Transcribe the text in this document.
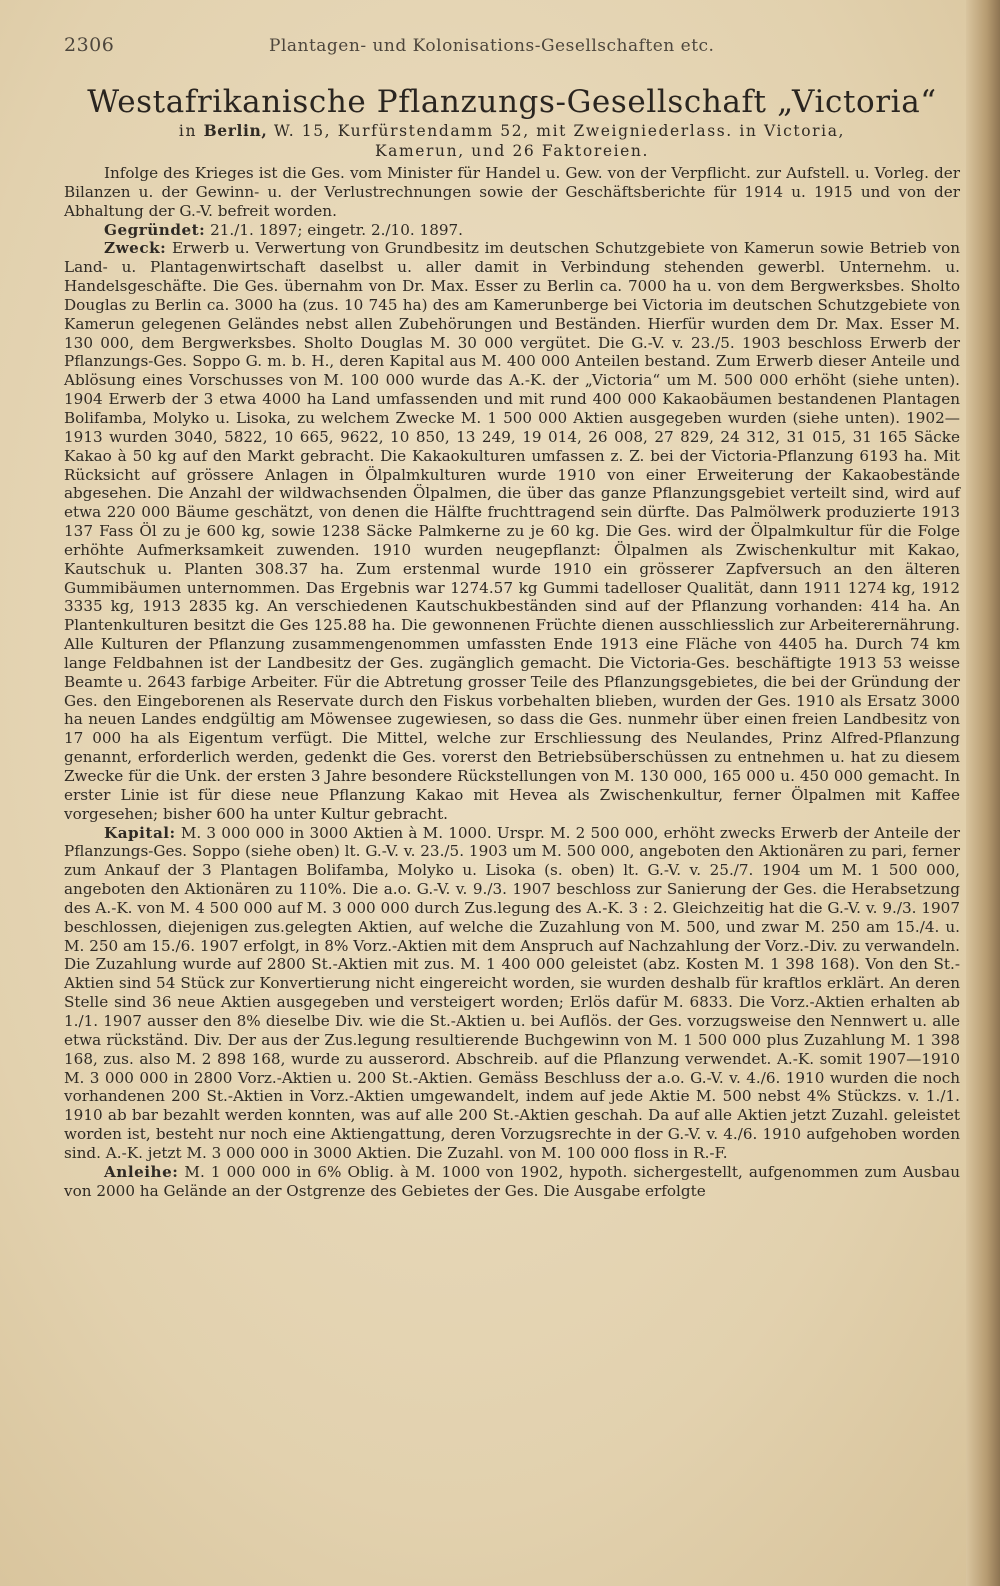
2306	Plantagen- und Kolonisations-Gesellschaften etc.
Westafrikanische Pflanzungs-Gesellschaft „Victoria“
in Berlin, W. 15, Kurfürstendamm 52, mit Zweigniederlass. in Victoria,
Kamerun, und 26 Faktoreien.

Infolge des Krieges ist die Ges. vom Minister für Handel u. Gew. von der Verpflicht. zur Aufstell. u. Vorleg. der Bilanzen u. der Gewinn- u. der Verlustrechnungen sowie der Geschäftsberichte für 1914 u. 1915 und von der Abhaltung der G.-V. befreit worden.

Gegründet: 21./1. 1897; eingetr. 2./10. 1897.

Zweck: Erwerb u. Verwertung von Grundbesitz im deutschen Schutzgebiete von Kamerun sowie Betrieb von Land- u. Plantagenwirtschaft daselbst u. aller damit in Verbindung stehenden gewerbl. Unternehm. u. Handelsgeschäfte. Die Ges. übernahm von Dr. Max. Esser zu Berlin ca. 7000 ha u. von dem Bergwerksbes. Sholto Douglas zu Berlin ca. 3000 ha (zus. 10 745 ha) des am Kamerunberge bei Victoria im deutschen Schutzgebiete von Kamerun gelegenen Geländes nebst allen Zubehörungen und Beständen. Hierfür wurden dem Dr. Max. Esser M. 130 000, dem Bergwerksbes. Sholto Douglas M. 30 000 vergütet. Die G.-V. v. 23./5. 1903 beschloss Erwerb der Pflanzungs-Ges. Soppo G. m. b. H., deren Kapital aus M. 400 000 Anteilen bestand. Zum Erwerb dieser Anteile und Ablösung eines Vorschusses von M. 100 000 wurde das A.-K. der „Victoria“ um M. 500 000 erhöht (siehe unten). 1904 Erwerb der 3 etwa 4000 ha Land umfassenden und mit rund 400 000 Kakaobäumen bestandenen Plantagen Bolifamba, Molyko u. Lisoka, zu welchem Zwecke M. 1 500 000 Aktien ausgegeben wurden (siehe unten). 1902—1913 wurden 3040, 5822, 10 665, 9622, 10 850, 13 249, 19 014, 26 008, 27 829, 24 312, 31 015, 31 165 Säcke Kakao à 50 kg auf den Markt gebracht. Die Kakaokulturen umfassen z. Z. bei der Victoria-Pflanzung 6193 ha. Mit Rücksicht auf grössere Anlagen in Ölpalmkulturen wurde 1910 von einer Erweiterung der Kakaobestände abgesehen. Die Anzahl der wildwachsenden Ölpalmen, die über das ganze Pflanzungsgebiet verteilt sind, wird auf etwa 220 000 Bäume geschätzt, von denen die Hälfte fruchttragend sein dürfte. Das Palmölwerk produzierte 1913 137 Fass Öl zu je 600 kg, sowie 1238 Säcke Palmkerne zu je 60 kg. Die Ges. wird der Ölpalmkultur für die Folge erhöhte Aufmerksamkeit zuwenden. 1910 wurden neugepflanzt: Ölpalmen als Zwischenkultur mit Kakao, Kautschuk u. Planten 308.37 ha. Zum erstenmal wurde 1910 ein grösserer Zapfversuch an den älteren Gummibäumen unternommen. Das Ergebnis war 1274.57 kg Gummi tadelloser Qualität, dann 1911 1274 kg, 1912 3335 kg, 1913 2835 kg. An verschiedenen Kautschukbeständen sind auf der Pflanzung vorhanden: 414 ha. An Plantenkulturen besitzt die Ges 125.88 ha. Die gewonnenen Früchte dienen ausschliesslich zur Arbeiterernährung. Alle Kulturen der Pflanzung zusammengenommen umfassten Ende 1913 eine Fläche von 4405 ha. Durch 74 km lange Feldbahnen ist der Landbesitz der Ges. zugänglich gemacht. Die Victoria-Ges. beschäftigte 1913 53 weisse Beamte u. 2643 farbige Arbeiter. Für die Abtretung grosser Teile des Pflanzungsgebietes, die bei der Gründung der Ges. den Eingeborenen als Reservate durch den Fiskus vorbehalten blieben, wurden der Ges. 1910 als Ersatz 3000 ha neuen Landes endgültig am Möwensee zugewiesen, so dass die Ges. nunmehr über einen freien Landbesitz von 17 000 ha als Eigentum verfügt. Die Mittel, welche zur Erschliessung des Neulandes, Prinz Alfred-Pflanzung genannt, erforderlich werden, gedenkt die Ges. vorerst den Betriebsüberschüssen zu entnehmen u. hat zu diesem Zwecke für die Unk. der ersten 3 Jahre besondere Rückstellungen von M. 130 000, 165 000 u. 450 000 gemacht. In erster Linie ist für diese neue Pflanzung Kakao mit Hevea als Zwischenkultur, ferner Ölpalmen mit Kaffee vorgesehen; bisher 600 ha unter Kultur gebracht.

Kapital: M. 3 000 000 in 3000 Aktien à M. 1000. Urspr. M. 2 500 000, erhöht zwecks Erwerb der Anteile der Pflanzungs-Ges. Soppo (siehe oben) lt. G.-V. v. 23./5. 1903 um M. 500 000, angeboten den Aktionären zu pari, ferner zum Ankauf der 3 Plantagen Bolifamba, Molyko u. Lisoka (s. oben) lt. G.-V. v. 25./7. 1904 um M. 1 500 000, angeboten den Aktionären zu 110%. Die a.o. G.-V. v. 9./3. 1907 beschloss zur Sanierung der Ges. die Herabsetzung des A.-K. von M. 4 500 000 auf M. 3 000 000 durch Zus.legung des A.-K. 3 : 2. Gleichzeitig hat die G.-V. v. 9./3. 1907 beschlossen, diejenigen zus.gelegten Aktien, auf welche die Zuzahlung von M. 500, und zwar M. 250 am 15./4. u. M. 250 am 15./6. 1907 erfolgt, in 8% Vorz.-Aktien mit dem Anspruch auf Nachzahlung der Vorz.-Div. zu verwandeln. Die Zuzahlung wurde auf 2800 St.-Aktien mit zus. M. 1 400 000 geleistet (abz. Kosten M. 1 398 168). Von den St.-Aktien sind 54 Stück zur Konvertierung nicht eingereicht worden, sie wurden deshalb für kraftlos erklärt. An deren Stelle sind 36 neue Aktien ausgegeben und versteigert worden; Erlös dafür M. 6833. Die Vorz.-Aktien erhalten ab 1./1. 1907 ausser den 8% dieselbe Div. wie die St.-Aktien u. bei Auflös. der Ges. vorzugsweise den Nennwert u. alle etwa rückständ. Div. Der aus der Zus.legung resultierende Buchgewinn von M. 1 500 000 plus Zuzahlung M. 1 398 168, zus. also M. 2 898 168, wurde zu ausserord. Abschreib. auf die Pflanzung verwendet. A.-K. somit 1907—1910 M. 3 000 000 in 2800 Vorz.-Aktien u. 200 St.-Aktien. Gemäss Beschluss der a.o. G.-V. v. 4./6. 1910 wurden die noch vorhandenen 200 St.-Aktien in Vorz.-Aktien umgewandelt, indem auf jede Aktie M. 500 nebst 4% Stückzs. v. 1./1. 1910 ab bar bezahlt werden konnten, was auf alle 200 St.-Aktien geschah. Da auf alle Aktien jetzt Zuzahl. geleistet worden ist, besteht nur noch eine Aktiengattung, deren Vorzugsrechte in der G.-V. v. 4./6. 1910 aufgehoben worden sind. A.-K. jetzt M. 3 000 000 in 3000 Aktien. Die Zuzahl. von M. 100 000 floss in R.-F.

Anleihe: M. 1 000 000 in 6% Oblig. à M. 1000 von 1902, hypoth. sichergestellt, aufgenommen zum Ausbau von 2000 ha Gelände an der Ostgrenze des Gebietes der Ges. Die Ausgabe erfolgte
